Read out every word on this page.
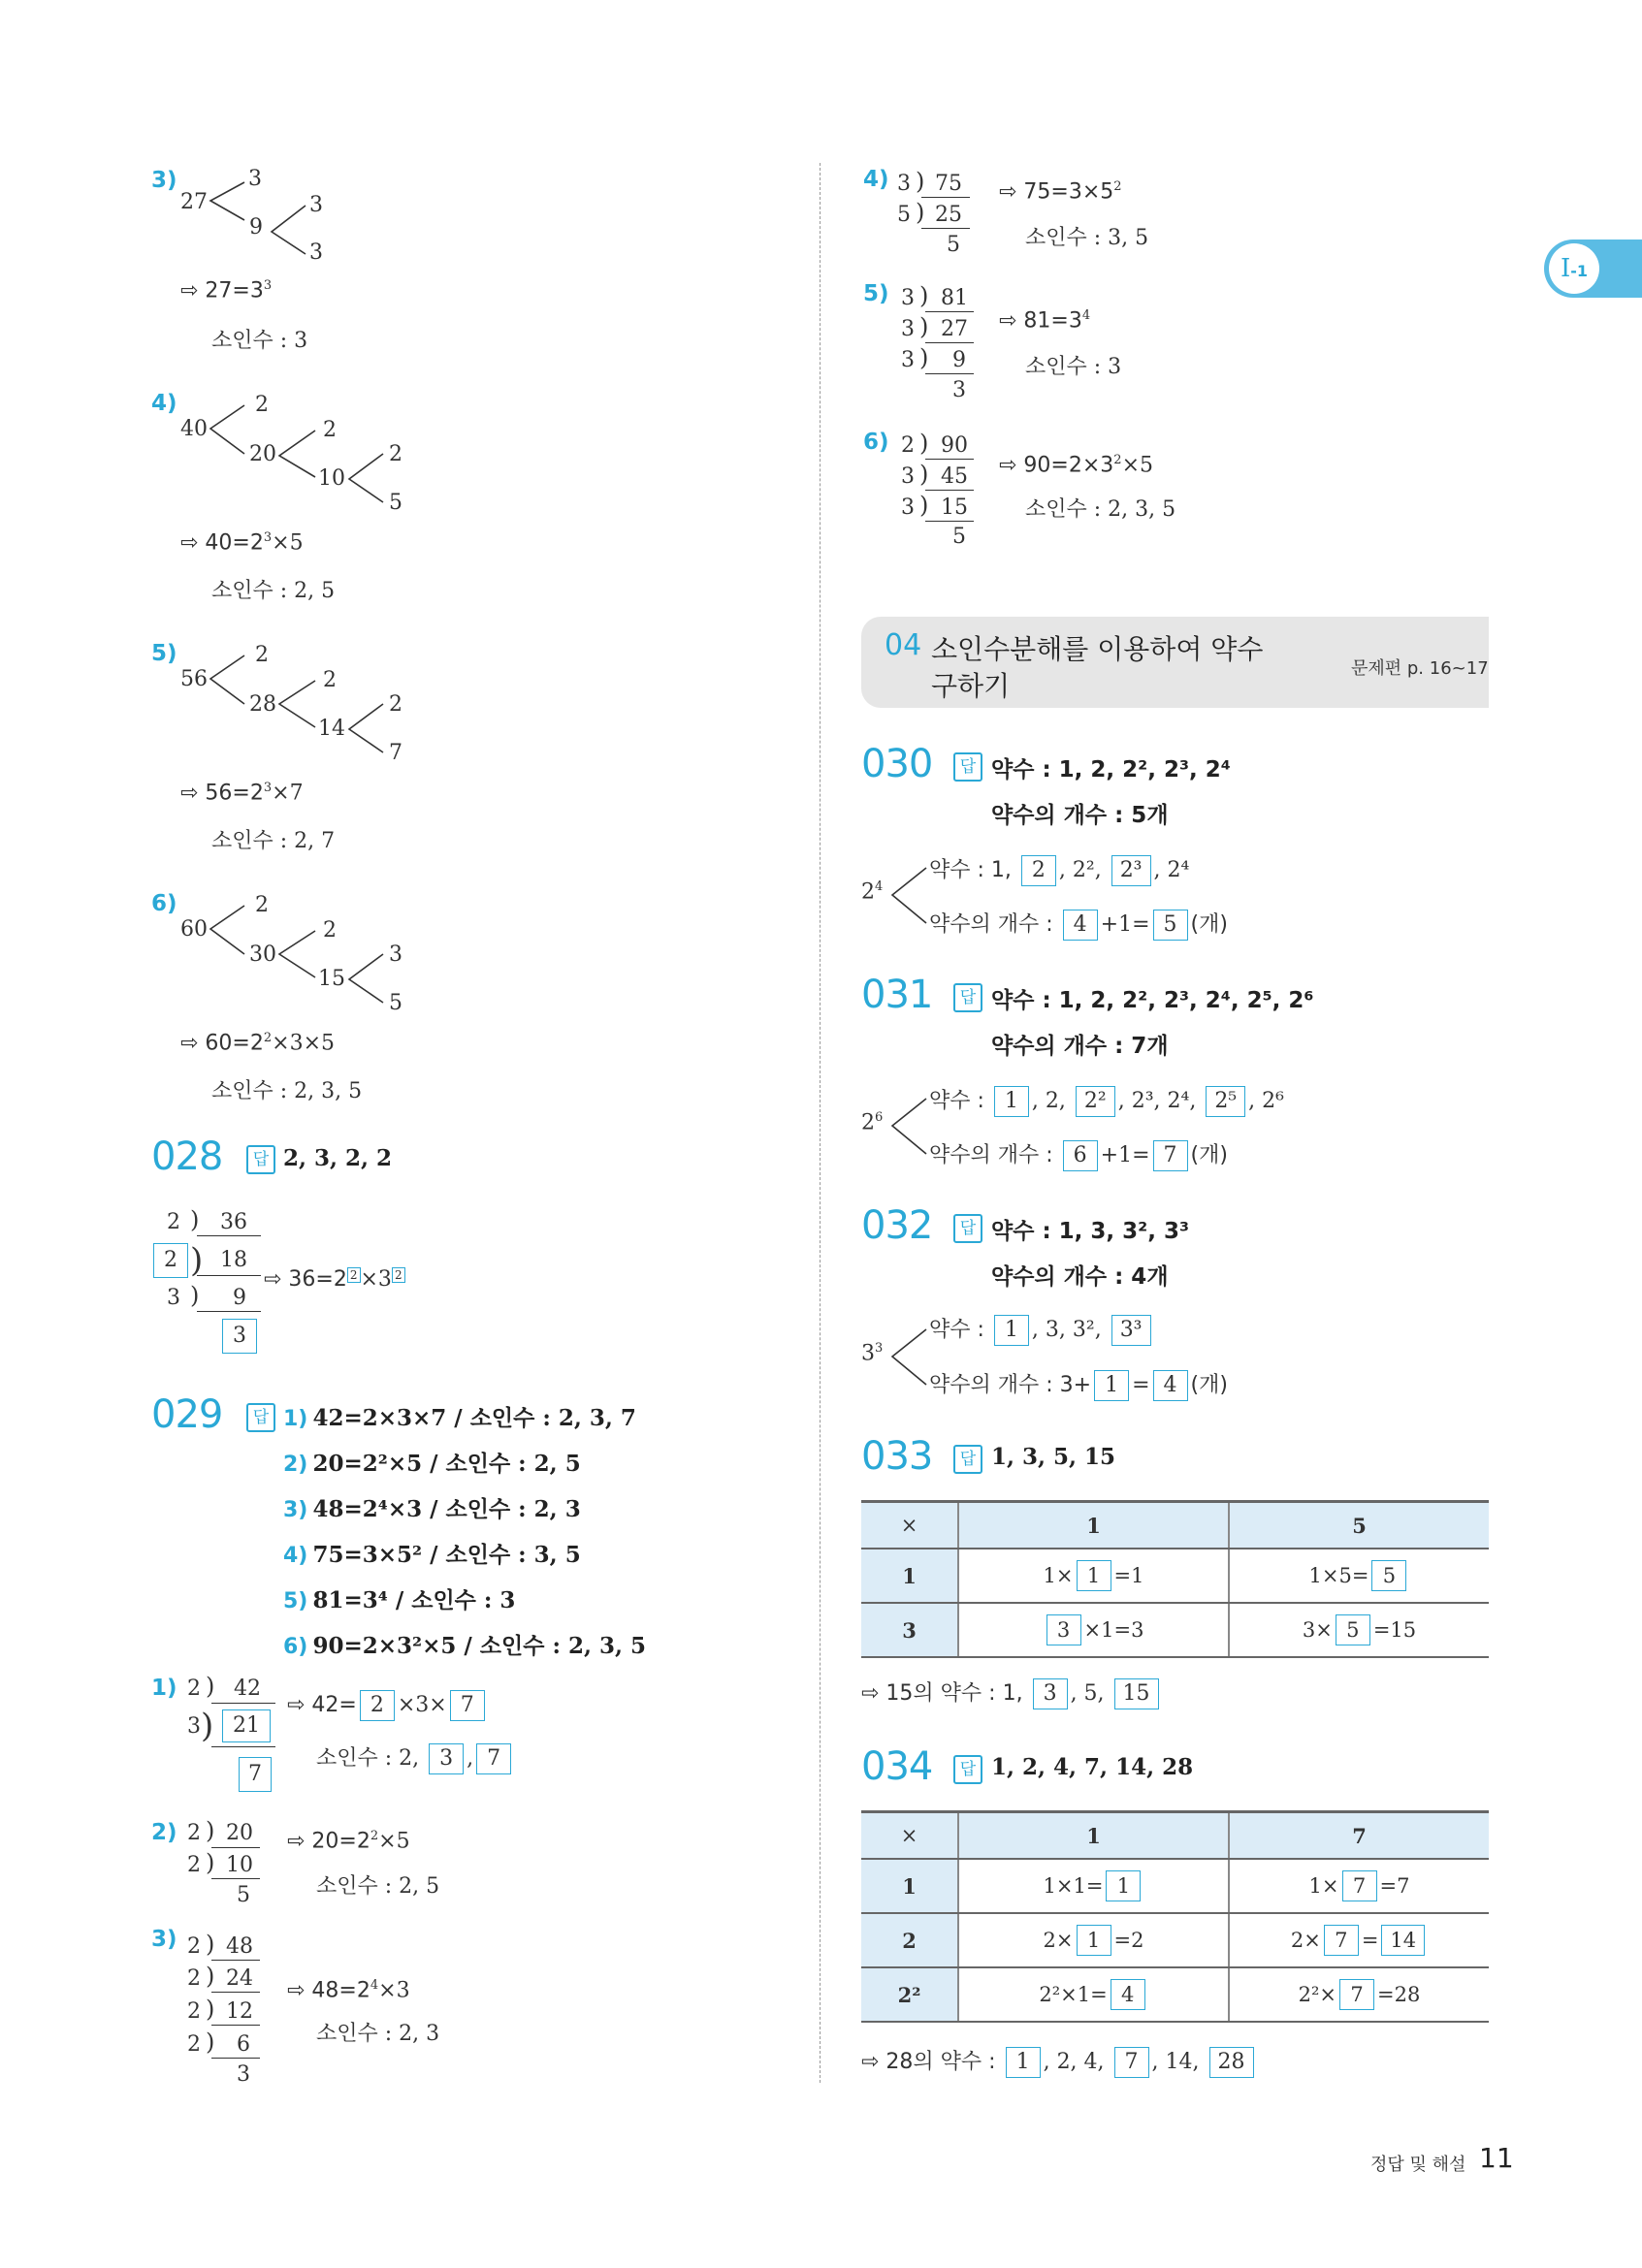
I-1
3)
27
3
9
3
3
⇨ $27=3^3$
소인수 : 3
4)
40
2
20
2
10
2
5
⇨ $40=2^3\times 5$
소인수 : 2, 5
5)
56
2
28
2
14
2
7
⇨ $56=2^3\times 7$
소인수 : 2, 7
6)
60
2
30
2
15
3
5
⇨ $60=2^2\times 3\times 5$
소인수 : 2, 3, 5
028	답 2, 3, 2, 2
2 ) 36
2 ) 18
3 ) 9
3
⇨ 36=2 2 ×3 2
029	답 1) 42=2×3×7 / 소인수 : 2, 3, 7
2) 20=2²×5 / 소인수 : 2, 5
3) 48=2⁴×3 / 소인수 : 2, 3
4) 75=3×5² / 소인수 : 3, 5
5) 81=3⁴ / 소인수 : 3
6) 90=2×3²×5 / 소인수 : 2, 3, 5
1) 2 ) 42
3 ) 21
7
⇨ 42= 2 ×3× 7
소인수 : 2, 3 , 7
2) 2 ) 20
2 ) 10
5
⇨ $20=2^2\times 5$
소인수 : 2, 5
3) 2 ) 48
2 ) 24
2 ) 12
2 ) 6
3
⇨ $48=2^4\times 3$
소인수 : 2, 3
4) 3 ) 75
5 ) 25
5
⇨ $75=3\times 5^2$
소인수 : 3, 5
5) 3 ) 81
3 ) 27
3 ) 9
3
⇨ $81=3^4$
소인수 : 3
6) 2 ) 90
3 ) 45
3 ) 15
5
⇨ $90=2\times 3^2\times 5$
소인수 : 2, 3, 5
04 소인수분해를 이용하여 약수
구하기
문제편 p. 16~17
030	답 약수 : 1, 2, 2², 2³, 2⁴
약수의 개수 : 5개
$2^4$
약수 : 1, 2 , 2², 2³ , 2⁴
약수의 개수 : 4 +1= 5 (개)
031	답 약수 : 1, 2, 2², 2³, 2⁴, 2⁵, 2⁶
약수의 개수 : 7개
$2^6$
약수 : 1 , 2, 2² , 2³, 2⁴, 2⁵ , 2⁶
약수의 개수 : 6 +1= 7 (개)
032	답 약수 : 1, 3, 3², 3³
약수의 개수 : 4개
$3^3$
약수 : 1 , 3, 3², 3³
약수의 개수 : 3+ 1 = 4 (개)
033	답 1, 3, 5, 15
×	1	5
1	1× 1 =1	1×5= 5
3	3 ×1=3	3× 5 =15
⇨ 15의 약수 : 1, 3 , 5, 15
034	답 1, 2, 4, 7, 14, 28
×	1	7
1	1×1= 1	1× 7 =7
2	2× 1 =2	2× 7 = 14
2²	2²×1= 4	2²× 7 =28
⇨ 28의 약수 : 1 , 2, 4, 7 , 14, 28
정답 및 해설 11
